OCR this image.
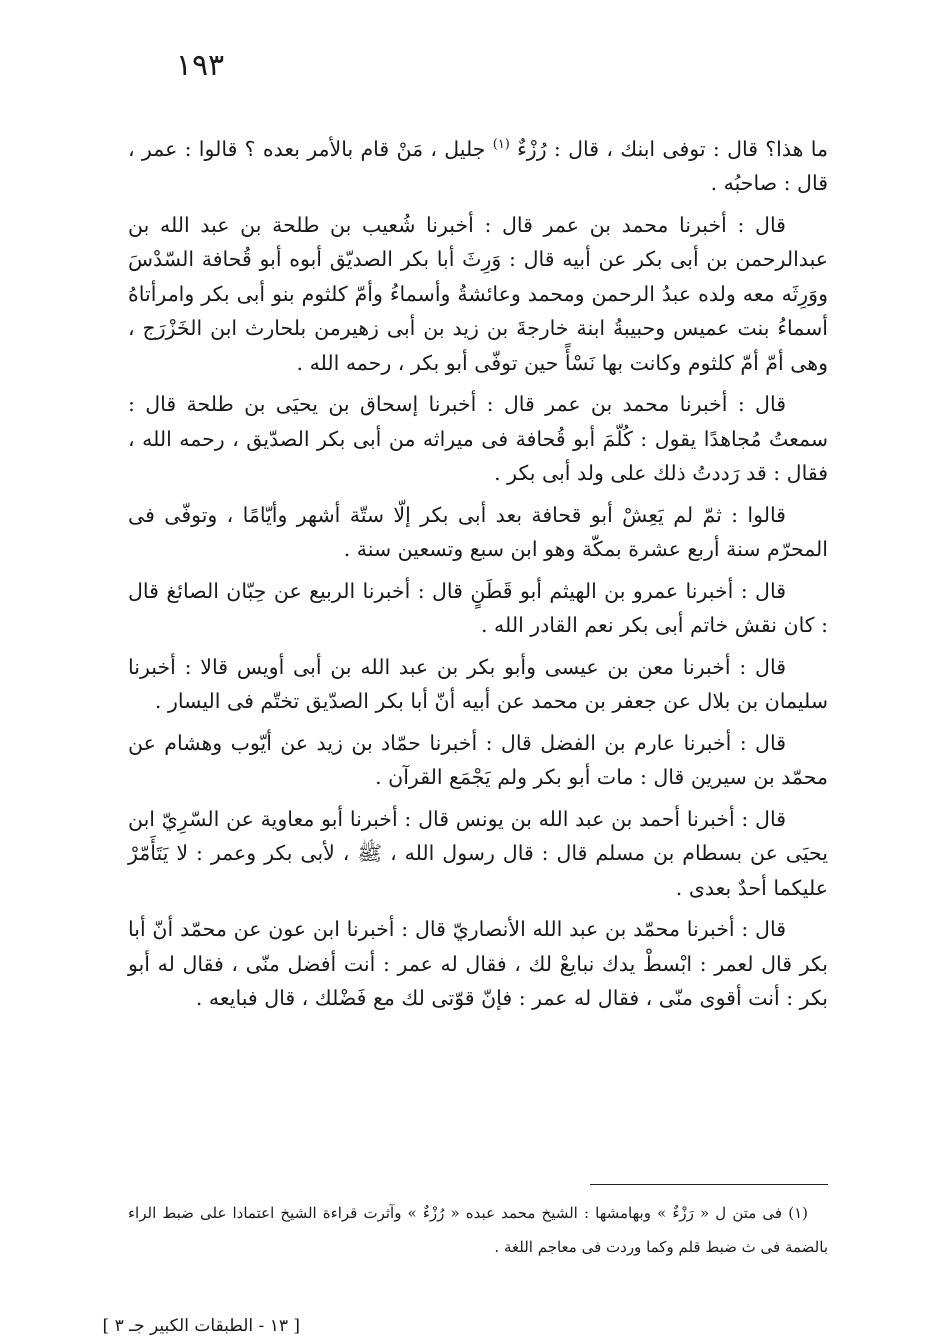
١٩٣

ما هذا؟ قال : توفى ابنك ، قال : رُزْءٌ $^{(١)}$ جليل ، مَنْ قام بالأمر بعده ؟ قالوا : عمر ، قال : صاحبُه .

قال : أخبرنا محمد بن عمر قال : أخبرنا شُعيب بن طلحة بن عبد الله بن عبدالرحمن بن أبى بكر عن أبيه قال : وَرِثَ أبا بكر الصديّق أبوه أبو قُحافة السّدْسَ ووَرِثَه معه ولده عبدُ الرحمن ومحمد وعائشةُ وأسماءُ وأمّ كلثوم بنو أبى بكر وامرأتاهُ أسماءُ بنت عميس وحبيبةُ ابنة خارجةَ بن زيد بن أبى زهيرمن بلحارث ابن الخَزْرَج ، وهى أمّ أمّ كلثوم وكانت بها نَسْأً حين توفّى أبو بكر ، رحمه الله .

قال : أخبرنا محمد بن عمر قال : أخبرنا إسحاق بن يحيَى بن طلحة قال : سمعتُ مُجاهدًا يقول : كُلّمَ أبو قُحافة فى ميراثه من أبى بكر الصدّيق ، رحمه الله ، فقال : قد رَددتُ ذلك على ولد أبى بكر .

قالوا : ثمّ لم يَعِشْ أبو قحافة بعد أبى بكر إلّا ستّة أشهر وأيّامًا ، وتوفّى فى المحرّم سنة أربع عشرة بمكّة وهو ابن سبع وتسعين سنة .

قال : أخبرنا عمرو بن الهيثم أبو قَطَنٍ قال : أخبرنا الربيع عن حِبّان الصائغ قال : كان نقش خاتم أبى بكر نعم القادر الله .

قال : أخبرنا معن بن عيسى وأبو بكر بن عبد الله بن أبى أويس قالا : أخبرنا سليمان بن بلال عن جعفر بن محمد عن أبيه أنّ أبا بكر الصدّيق تختّم فى اليسار .

قال : أخبرنا عارم بن الفضل قال : أخبرنا حمّاد بن زيد عن أيّوب وهشام عن محمّد بن سيرين قال : مات أبو بكر ولم يَجْمَع القرآن .

قال : أخبرنا أحمد بن عبد الله بن يونس قال : أخبرنا أبو معاوية عن السّرِيّ ابن يحيَى عن بسطام بن مسلم قال : قال رسول الله ، ﷺ ، لأبى بكر وعمر : لا يَتَأَمّرْ عليكما أحدٌ بعدى .

قال : أخبرنا محمّد بن عبد الله الأنصاريّ قال : أخبرنا ابن عون عن محمّد أنّ أبا بكر قال لعمر : ابْسطْ يدك نبايعْ لك ، فقال له عمر : أنت أفضل منّى ، فقال له أبو بكر : أنت أقوى منّى ، فقال له عمر : فإنّ قوّتى لك مع فَضْلك ، قال فبايعه .

(١) فى متن ل « رَزْءٌ » وبهامشها : الشيخ محمد عبده « رُزْءٌ » وآثرت قراءة الشيخ اعتمادا على ضبط الراء بالضمة فى ث ضبط قلم وكما وردت فى معاجم اللغة .
[ ١٣ - الطبقات الكبير جـ ٣ ]
